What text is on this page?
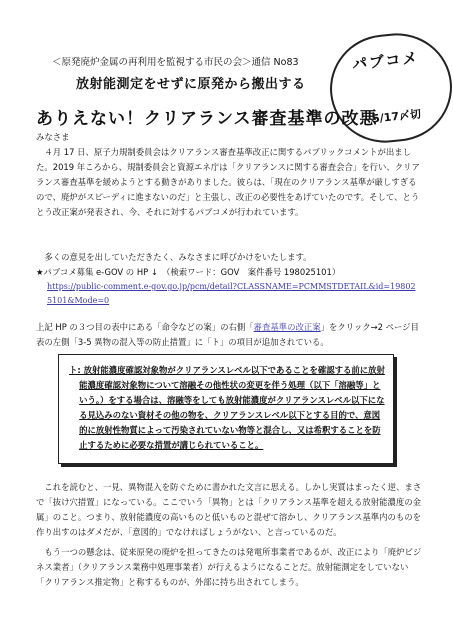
パブコメ
5/17〆切
＜原発廃炉金属の再利用を監視する市民の会＞通信 No83
放射能測定をせずに原発から搬出する
ありえない！クリアランス審査基準の改悪
みなさま
４月 17 日、原子力規制委員会はクリアランス審査基準改正に関するパブリックコメントが出ました。2019 年ころから、規制委員会と資源エネ庁は「クリアランスに関する審査会合」を行い、クリアランス審査基準を緩めようとする動きがありました。彼らは、「現在のクリアランス基準が厳しすぎるので、廃炉がスピーディに進まないのだ」と主張し、改正の必要性をあげていたのです。そして、とうとう改正案が発表され、今、それに対するパブコメが行われています。

多くの意見を出していただきたく、みなさまに呼びかけをいたします。

★パブコメ募集 e-GOV の HP ↓　（検索ワード：GOV　案件番号 198025101）

https://public-comment.e-gov.go.jp/pcm/detail?CLASSNAME=PCMMSTDETAIL&id=198025101&Mode=0
上記 HP の３つ目の表中にある「命令などの案」の右側「審査基準の改正案」をクリック→2 ページ目表の左側「3-5 異物の混入等の防止措置」に「ト」の項目が追加されている。

ト: 放射能濃度確認対象物がクリアランスレベル以下であることを確認する前に放射能濃度確認対象物について溶融その他性状の変更を伴う処理（以下「溶融等」という。）をする場合は、溶融等をしても放射能濃度がクリアランスレベル以下になる見込みのない資材その他の物を、クリアランスレベル以下とする目的で、意図的に放射性物質によって汚染されていない物等と混合し、又は希釈することを防止するために必要な措置が講じられていること。

これを読むと、一見、異物混入を防ぐために書かれた文言に思える。しかし実質はまったく逆、まさで「抜け穴措置」になっている。ここでいう「異物」とは「クリアランス基準を超える放射能濃度の金属」のこと。つまり、放射能濃度の高いものと低いものと混ぜて溶かし、クリアランス基準内のものを作り出すのはダメだが、「意図的」でなければしょうがない、と言っているのだ。
もう一つの懸念は、従来原発の廃炉を担ってきたのは発電所事業者であるが、改正により「廃炉ビジネス業者」（クリアランス業務中処理事業者）が行えるようになることだ。放射能測定をしていない「クリアランス推定物」と称するものが、外部に持ち出されてしまう。
